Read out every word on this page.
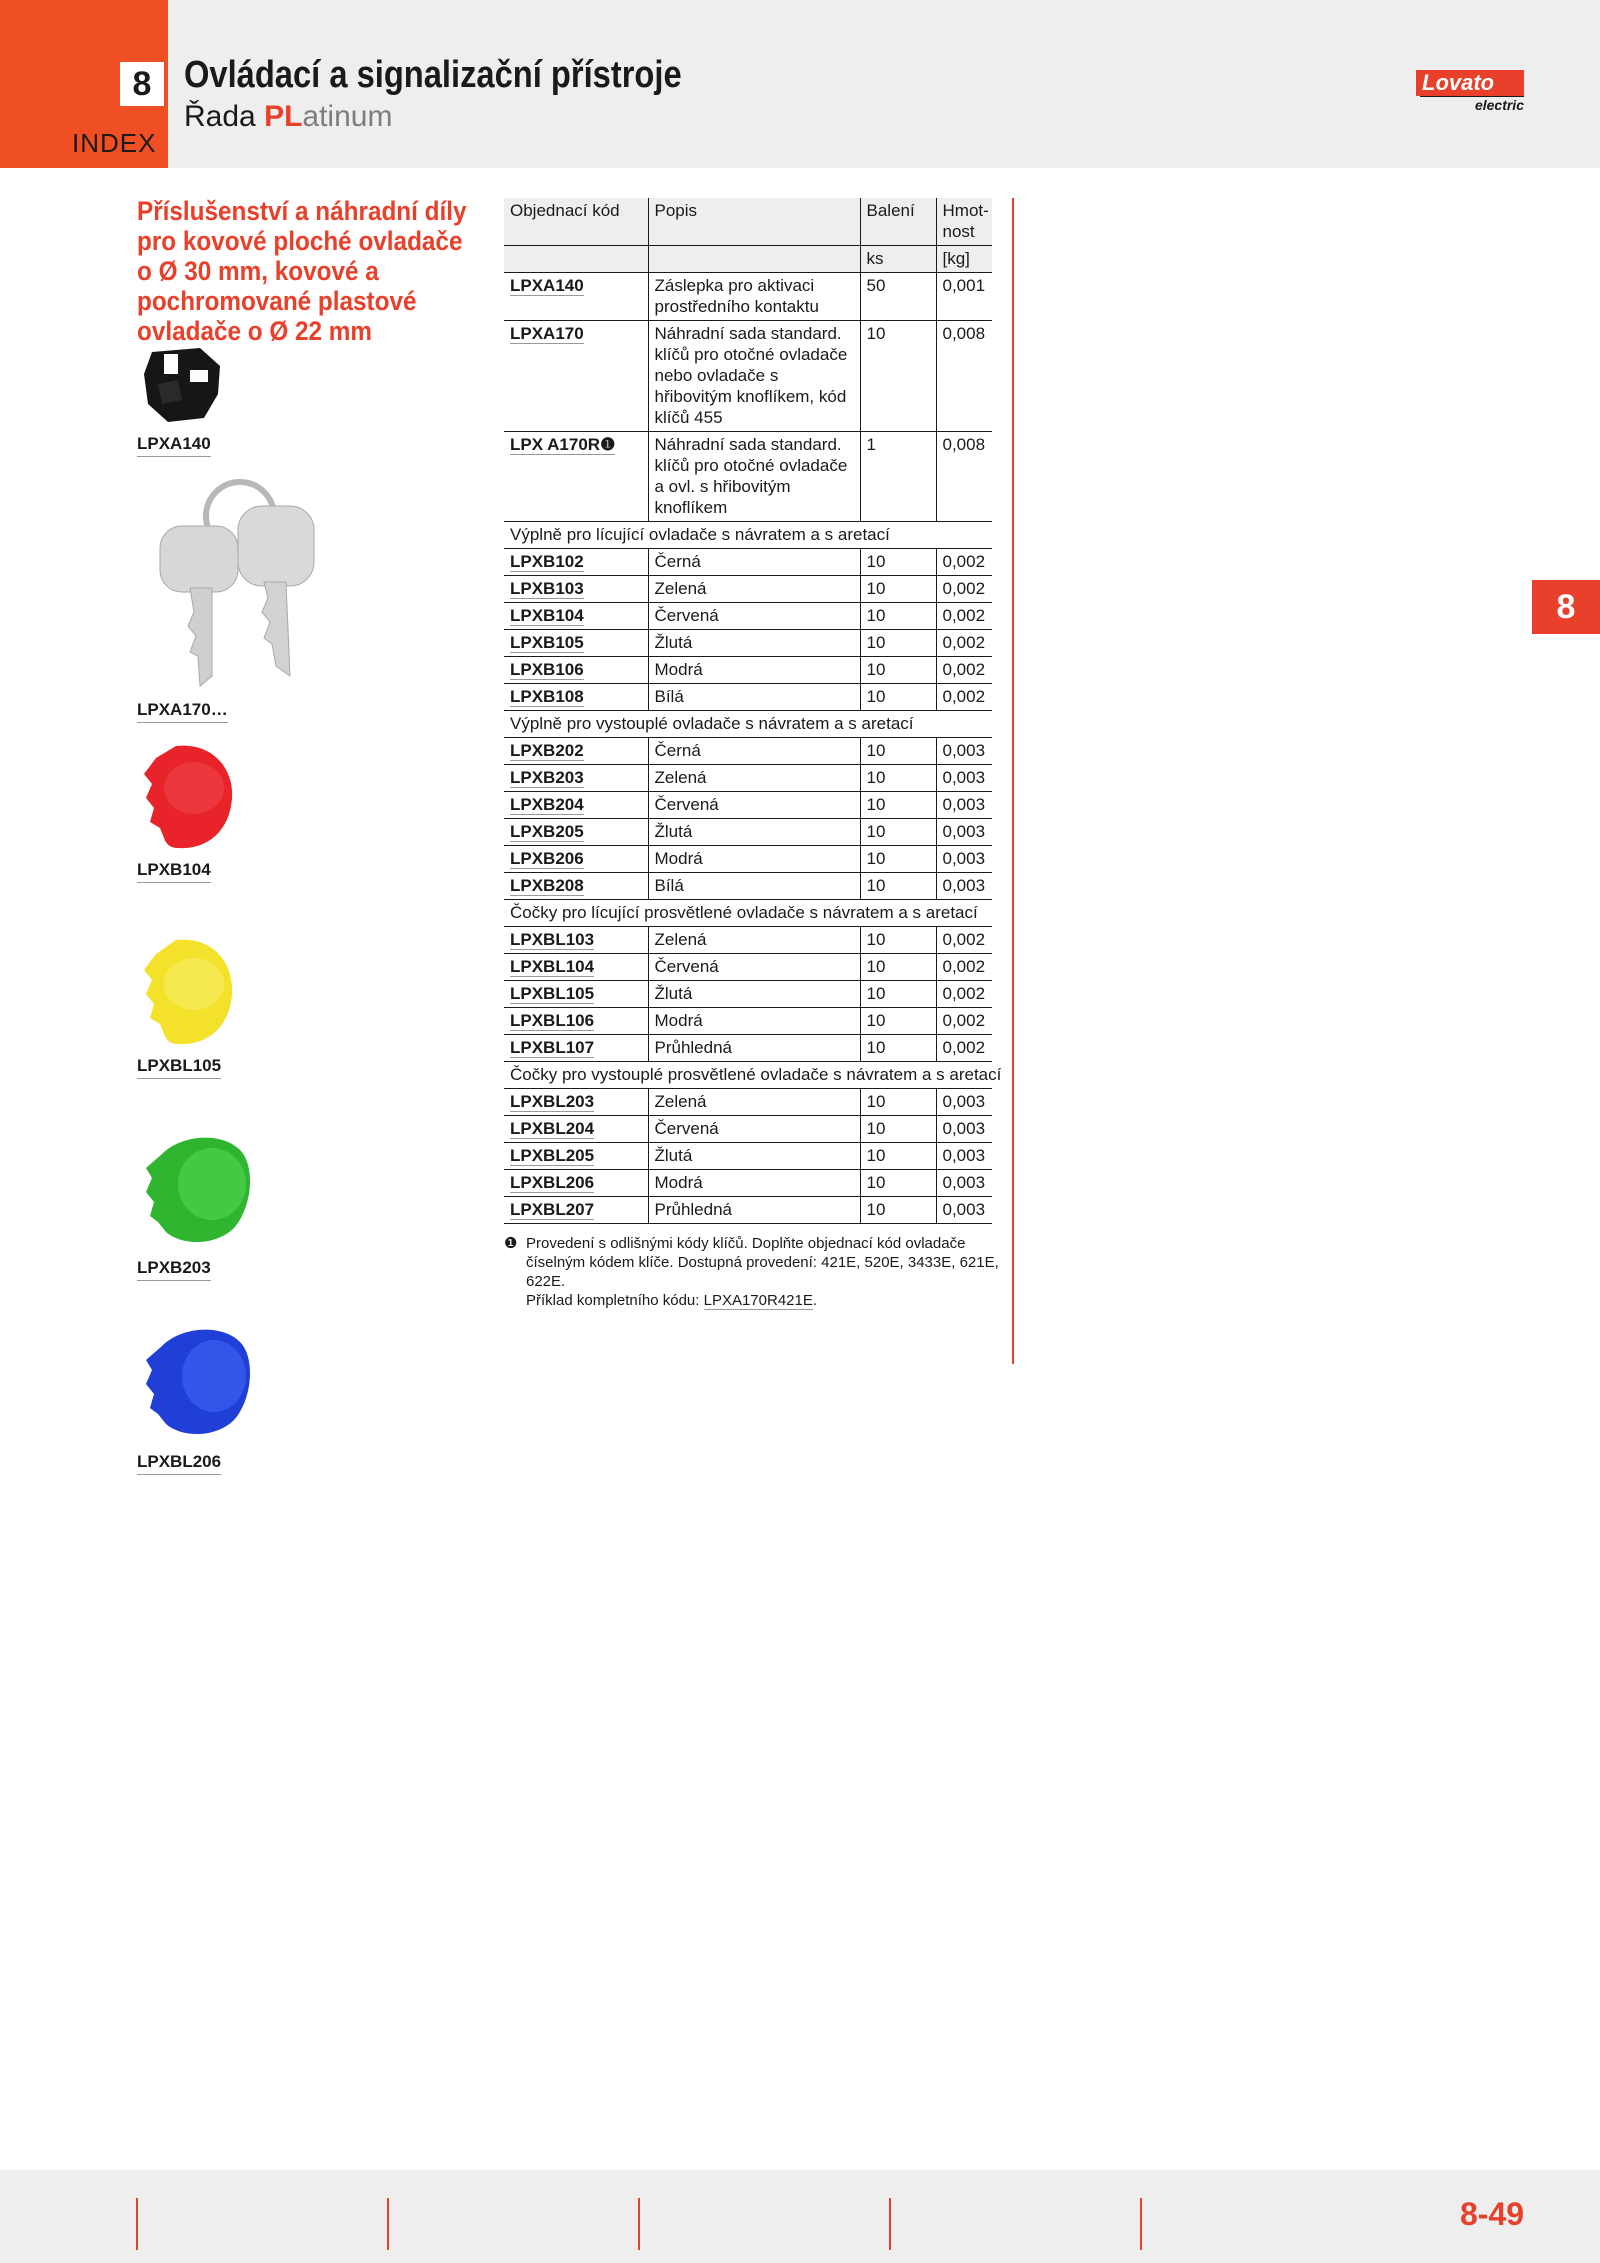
8
INDEX
Ovládací a signalizační přístroje
Řada PLatinum
Lovato
electric
Příslušenství a náhradní díly
pro kovové ploché ovladače
o Ø 30 mm, kovové a
pochromované plastové
ovladače o Ø 22 mm
LPXA140
LPXA170…
LPXB104
LPXBL105
LPXB203
LPXBL206
Objednací kód	Popis	Balení	Hmot-
nost
		ks	[kg]
LPXA140	Záslepka pro aktivaci prostředního kontaktu	50	0,001
LPXA170	Náhradní sada standard. klíčů pro otočné ovladače nebo ovladače s hřibovitým knoflíkem, kód klíčů 455	10	0,008
LPX A170R❶	Náhradní sada standard. klíčů pro otočné ovladače a ovl. s hřibovitým knoflíkem	1	0,008
Výplně pro lícující ovladače s návratem a s aretací			
LPXB102	Černá	10	0,002
LPXB103	Zelená	10	0,002
LPXB104	Červená	10	0,002
LPXB105	Žlutá	10	0,002
LPXB106	Modrá	10	0,002
LPXB108	Bílá	10	0,002
Výplně pro vystouplé ovladače s návratem a s aretací			
LPXB202	Černá	10	0,003
LPXB203	Zelená	10	0,003
LPXB204	Červená	10	0,003
LPXB205	Žlutá	10	0,003
LPXB206	Modrá	10	0,003
LPXB208	Bílá	10	0,003
Čočky pro lícující prosvětlené ovladače s návratem a s aretací			
LPXBL103	Zelená	10	0,002
LPXBL104	Červená	10	0,002
LPXBL105	Žlutá	10	0,002
LPXBL106	Modrá	10	0,002
LPXBL107	Průhledná	10	0,002
Čočky pro vystouplé prosvětlené ovladače s návratem a s aretací			
LPXBL203	Zelená	10	0,003
LPXBL204	Červená	10	0,003
LPXBL205	Žlutá	10	0,003
LPXBL206	Modrá	10	0,003
LPXBL207	Průhledná	10	0,003
❶ Provedení s odlišnými kódy klíčů. Doplňte objednací kód ovladače číselným kódem klíče. Dostupná provedení: 421E, 520E, 3433E, 621E, 622E.
Příklad kompletního kódu: LPXA170R421E.
8
8-49
